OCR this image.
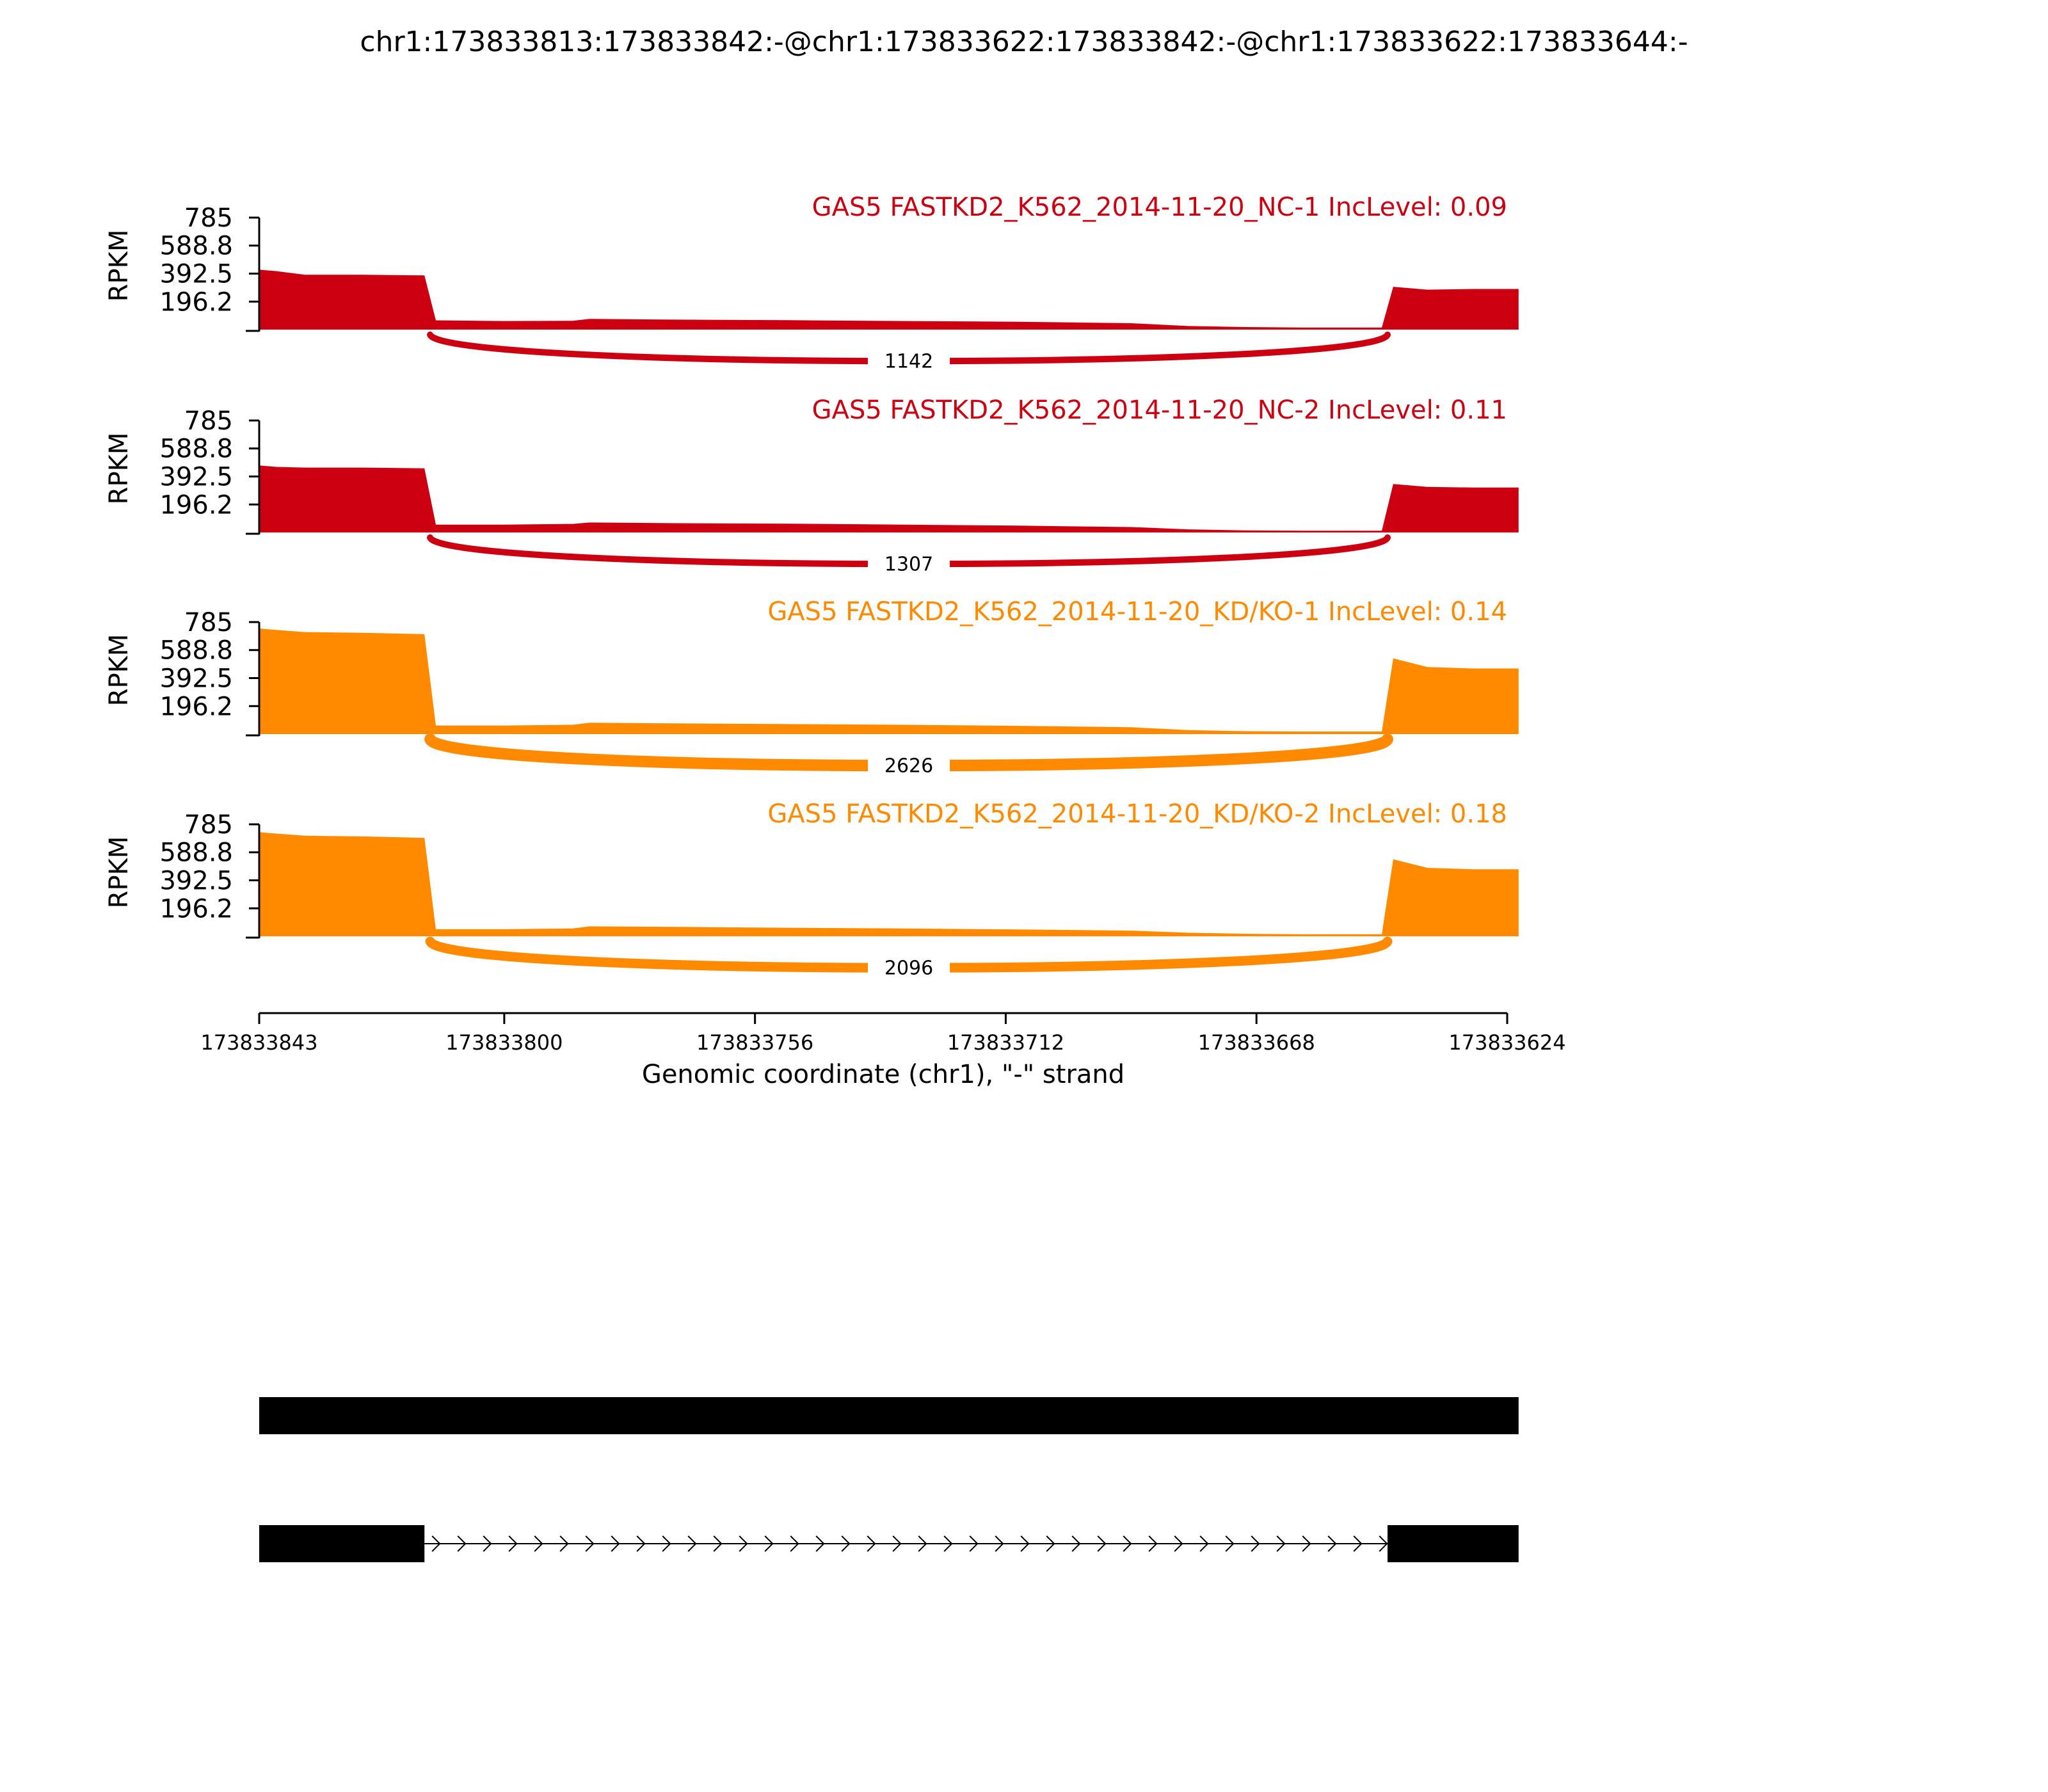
chr1:173833813:173833842:-@chr1:173833622:173833842:-@chr1:173833622:173833644:-
1142
GAS5 FASTKD2_K562_2014-11-20_NC-1 IncLevel: 0.09
196.2
392.5
588.8
785
RPKM
1307
GAS5 FASTKD2_K562_2014-11-20_NC-2 IncLevel: 0.11
196.2
392.5
588.8
785
RPKM
2626
GAS5 FASTKD2_K562_2014-11-20_KD/KO-1 IncLevel: 0.14
196.2
392.5
588.8
785
RPKM
2096
GAS5 FASTKD2_K562_2014-11-20_KD/KO-2 IncLevel: 0.18
196.2
392.5
588.8
785
RPKM
173833843	173833800	173833756	173833712	173833668	173833624
Genomic coordinate (chr1), "-" strand
